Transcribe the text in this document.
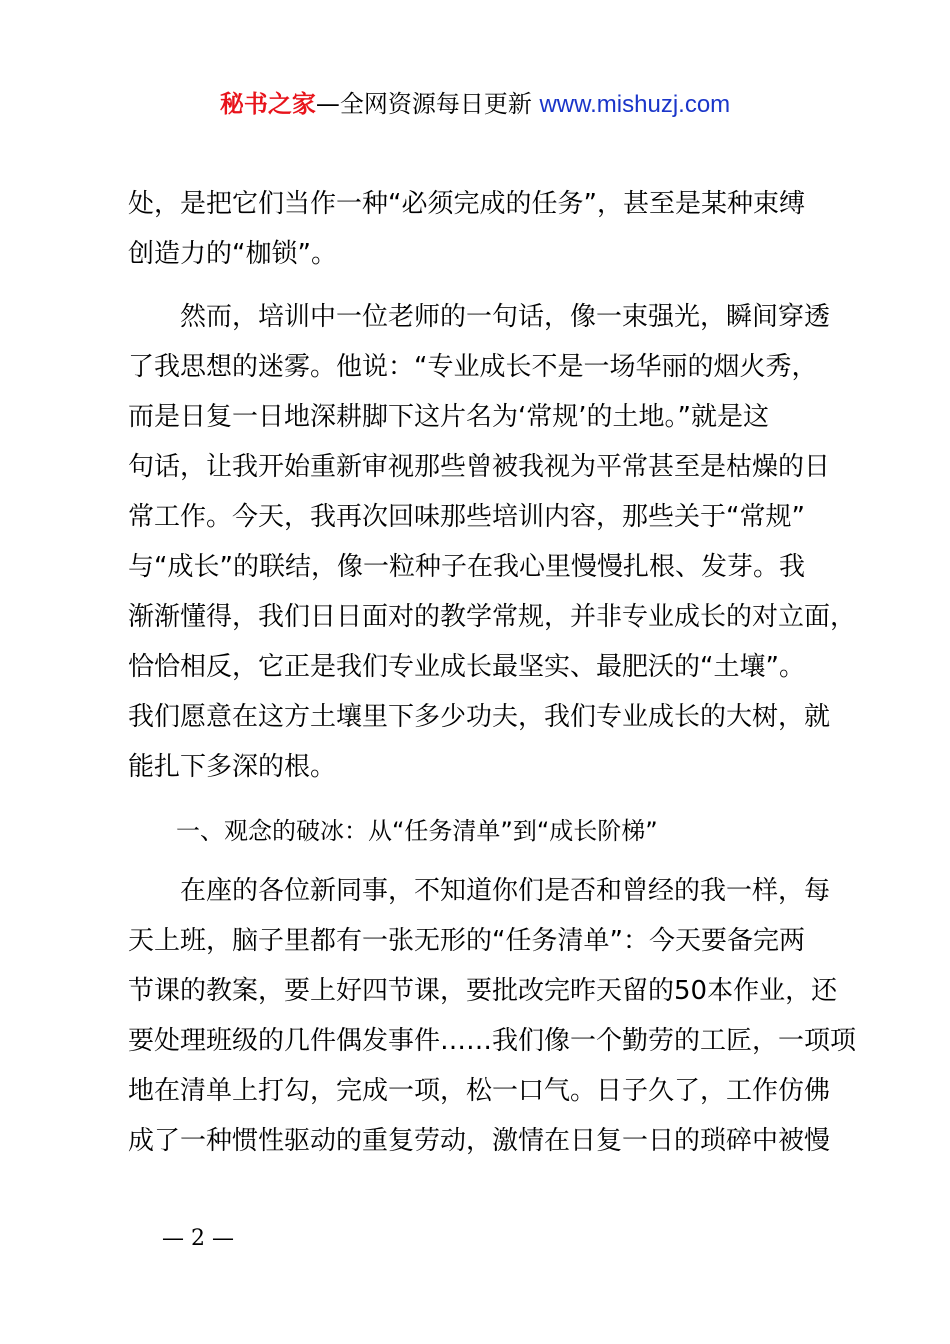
秘书之家—全网资源每日更新 www.mishuzj.com
处，是把它们当作一种“必须完成的任务”，甚至是某种束缚
创造力的“枷锁”。
　　然而，培训中一位老师的一句话，像一束强光，瞬间穿透
了我思想的迷雾。他说：“专业成长不是一场华丽的烟火秀，
而是日复一日地深耕脚下这片名为‘常规’的土地。”就是这
句话，让我开始重新审视那些曾被我视为平常甚至是枯燥的日
常工作。今天，我再次回味那些培训内容，那些关于“常规”
与“成长”的联结，像一粒种子在我心里慢慢扎根、发芽。我
渐渐懂得，我们日日面对的教学常规，并非专业成长的对立面，
恰恰相反，它正是我们专业成长最坚实、最肥沃的“土壤”。
我们愿意在这方土壤里下多少功夫，我们专业成长的大树，就
能扎下多深的根。
　　一、观念的破冰：从“任务清单”到“成长阶梯”
　　在座的各位新同事，不知道你们是否和曾经的我一样，每
天上班，脑子里都有一张无形的“任务清单”：今天要备完两
节课的教案，要上好四节课，要批改完昨天留的50本作业，还
要处理班级的几件偶发事件……我们像一个勤劳的工匠，一项项
地在清单上打勾，完成一项，松一口气。日子久了，工作仿佛
成了一种惯性驱动的重复劳动，激情在日复一日的琐碎中被慢
— 2 —
